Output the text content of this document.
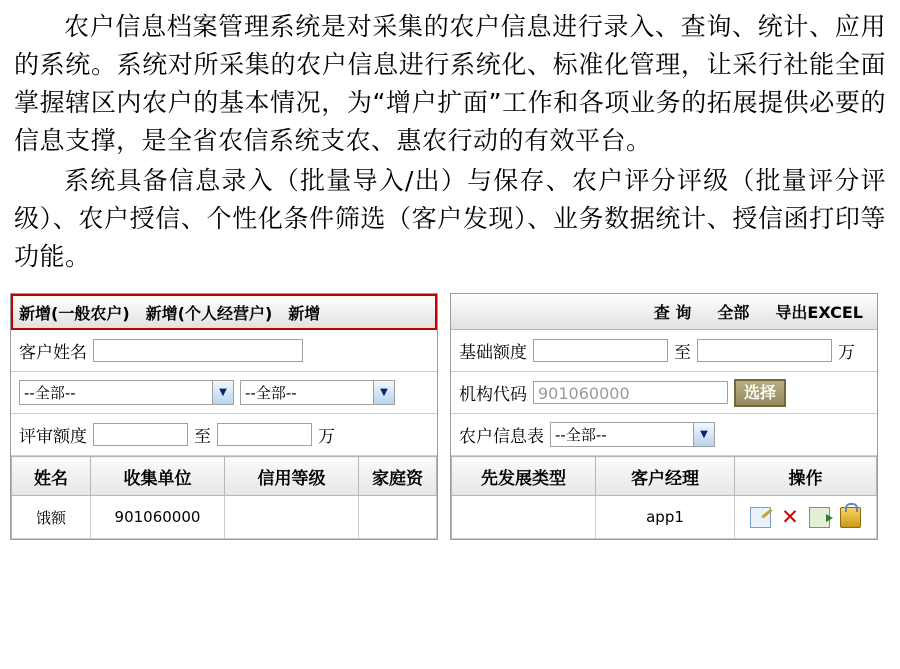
农户信息档案管理系统是对采集的农户信息进行录入、查询、统计、应用的系统。系统对所采集的农户信息进行系统化、标准化管理，让采行社能全面掌握辖区内农户的基本情况，为“增户扩面”工作和各项业务的拓展提供必要的信息支撑，是全省农信系统支农、惠农行动的有效平台。

系统具备信息录入（批量导入/出）与保存、农户评分评级（批量评分评级）、农户授信、个性化条件筛选（客户发现）、业务数据统计、授信函打印等功能。

新增(一般农户) 新增(个人经营户) 新增
客户姓名
--全部--	▼	--全部--	▼
评审额度	至	万
姓名	收集单位	信用等级	家庭资
饿额	901060000		
查 询 全部 导出EXCEL
基础额度	至	万
机构代码 901060000	选择
农户信息表 --全部--	▼
先发展类型	客户经理	操作
	app1	✕
